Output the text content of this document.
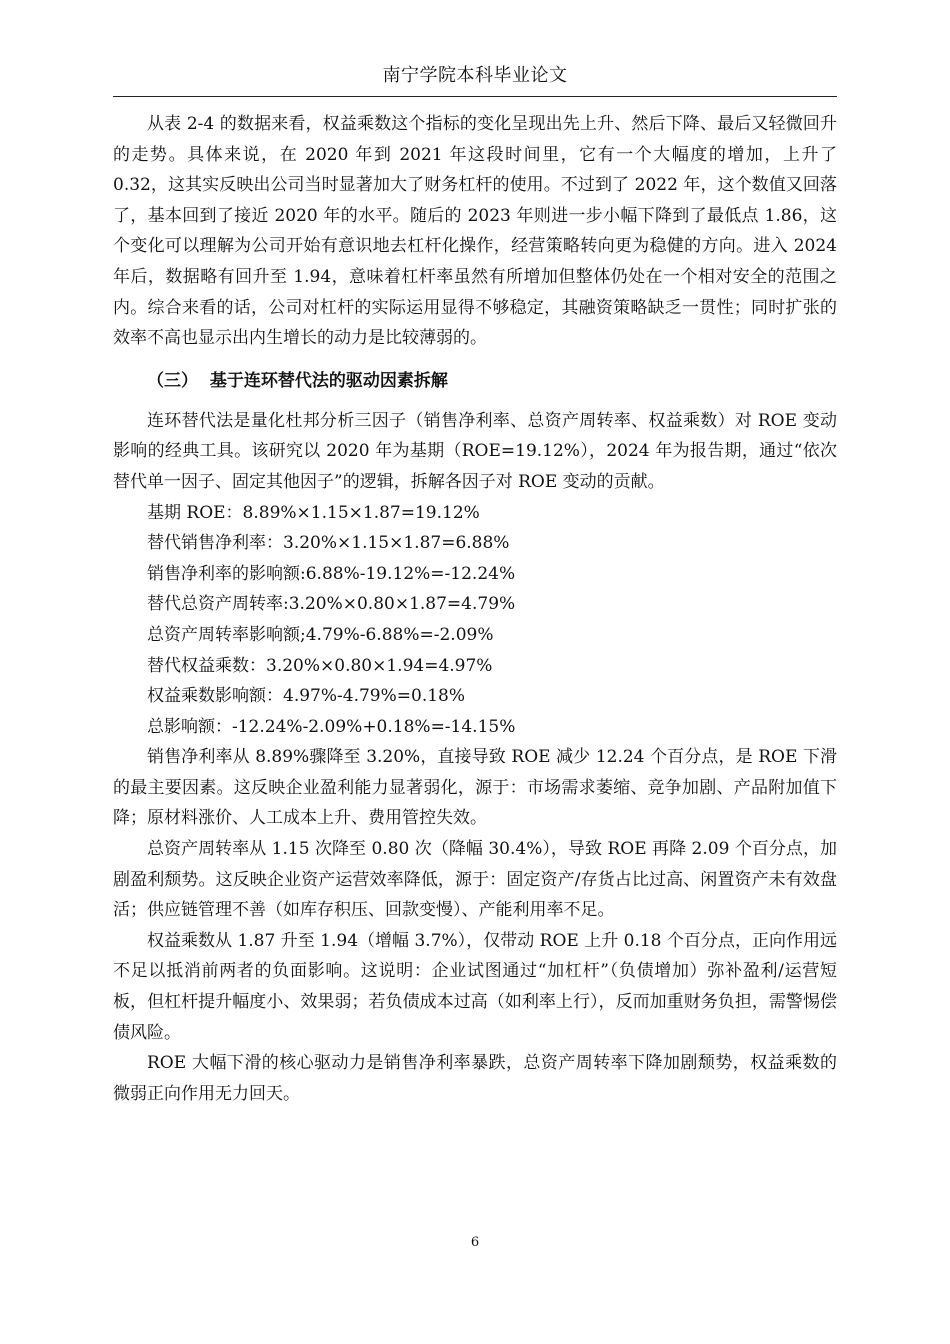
南宁学院本科毕业论文

从表 2-4 的数据来看，权益乘数这个指标的变化呈现出先上升、然后下降、最后又轻微回升的走势。具体来说，在 2020 年到 2021 年这段时间里，它有一个大幅度的增加，上升了 0.32，这其实反映出公司当时显著加大了财务杠杆的使用。不过到了 2022 年，这个数值又回落了，基本回到了接近 2020 年的水平。随后的 2023 年则进一步小幅下降到了最低点 1.86，这个变化可以理解为公司开始有意识地去杠杆化操作，经营策略转向更为稳健的方向。进入 2024 年后，数据略有回升至 1.94，意味着杠杆率虽然有所增加但整体仍处在一个相对安全的范围之内。综合来看的话，公司对杠杆的实际运用显得不够稳定，其融资策略缺乏一贯性；同时扩张的效率不高也显示出内生增长的动力是比较薄弱的。

（三）  基于连环替代法的驱动因素拆解

连环替代法是量化杜邦分析三因子（销售净利率、总资产周转率、权益乘数）对 ROE 变动影响的经典工具。该研究以 2020 年为基期（ROE=19.12%），2024 年为报告期，通过“依次替代单一因子、固定其他因子”的逻辑，拆解各因子对 ROE 变动的贡献。

基期 ROE：8.89%×1.15×1.87=19.12%
替代销售净利率：3.20%×1.15×1.87=6.88%
销售净利率的影响额:6.88%-19.12%=-12.24%
替代总资产周转率:3.20%×0.80×1.87=4.79%
总资产周转率影响额;4.79%-6.88%=-2.09%
替代权益乘数：3.20%×0.80×1.94=4.97%
权益乘数影响额：4.97%-4.79%=0.18%
总影响额：-12.24%-2.09%+0.18%=-14.15%

销售净利率从 8.89%骤降至 3.20%，直接导致 ROE 减少 12.24 个百分点，是 ROE 下滑的最主要因素。这反映企业盈利能力显著弱化，源于：市场需求萎缩、竞争加剧、产品附加值下降；原材料涨价、人工成本上升、费用管控失效。

总资产周转率从 1.15 次降至 0.80 次（降幅 30.4%），导致 ROE 再降 2.09 个百分点，加剧盈利颓势。这反映企业资产运营效率降低，源于：固定资产/存货占比过高、闲置资产未有效盘活；供应链管理不善（如库存积压、回款变慢）、产能利用率不足。

权益乘数从 1.87 升至 1.94（增幅 3.7%），仅带动 ROE 上升 0.18 个百分点，正向作用远不足以抵消前两者的负面影响。这说明：企业试图通过“加杠杆”（负债增加）弥补盈利/运营短板，但杠杆提升幅度小、效果弱；若负债成本过高（如利率上行），反而加重财务负担，需警惕偿债风险。

ROE 大幅下滑的核心驱动力是销售净利率暴跌，总资产周转率下降加剧颓势，权益乘数的微弱正向作用无力回天。

6
